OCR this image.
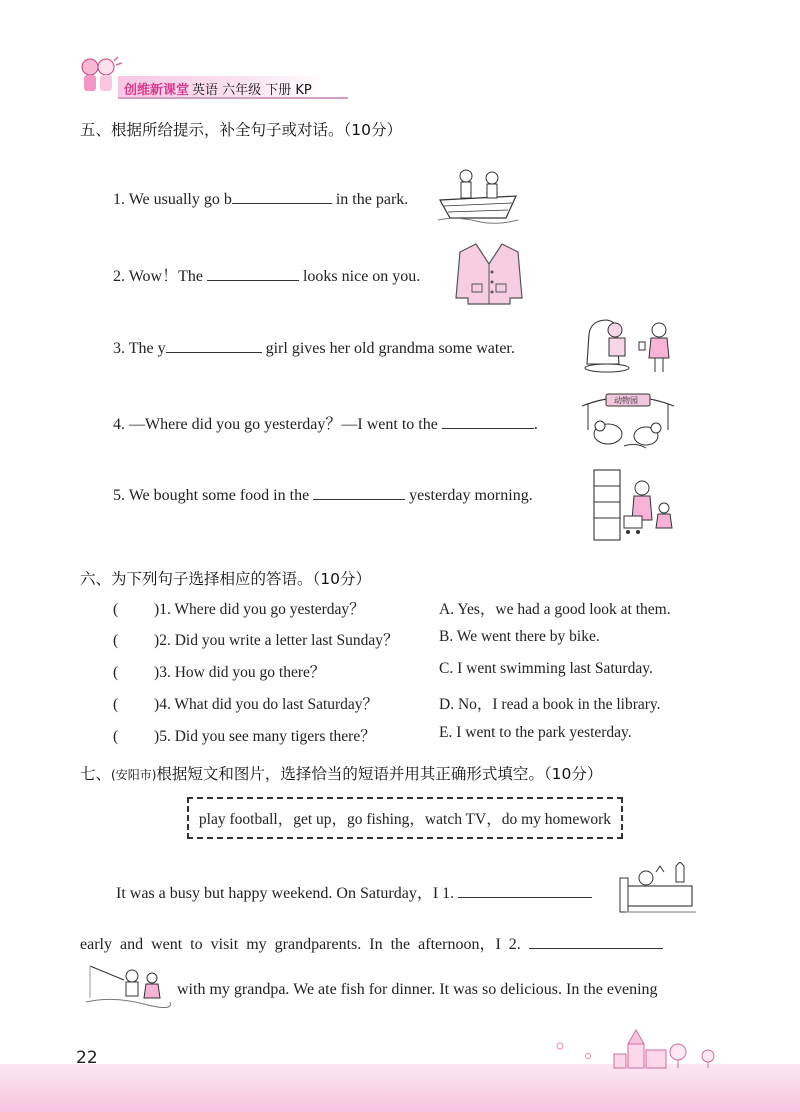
创维新课堂 英语 六年级 下册 KP
五、根据所给提示，补全句子或对话。（10分）
1. We usually go b	in the park.
2. Wow！The	looks nice on you.
3. The y	girl gives her old grandma some water.
4. —Where did you go yesterday？—I went to the	.
动物园
5. We bought some food in the	yesterday morning.
六、为下列句子选择相应的答语。（10分）
( )1. Where did you go yesterday？	A. Yes，we had a good look at them.
( )2. Did you write a letter last Sunday？	B. We went there by bike.
( )3. How did you go there？	C. I went swimming last Saturday.
( )4. What did you do last Saturday？	D. No，I read a book in the library.
( )5. Did you see many tigers there？	E. I went to the park yesterday.
七、(安阳市)根据短文和图片，选择恰当的短语并用其正确形式填空。（10分）
play football，get up，go fishing，watch TV，do my homework
It was a busy but happy weekend. On Saturday，I 1.
early and went to visit my grandparents. In the afternoon，I 2.
with my grandpa. We ate fish for dinner. It was so delicious. In the evening
22
